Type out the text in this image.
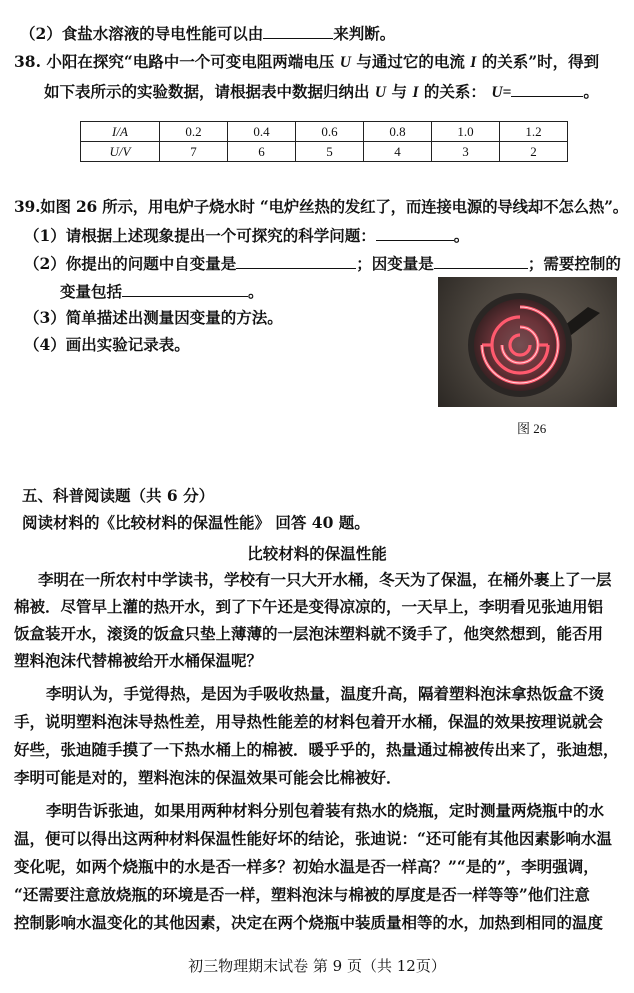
（2）食盐水溶液的导电性能可以由	来判断。
38. 小阳在探究“电路中一个可变电阻两端电压 U 与通过它的电流 I 的关系”时，得到
如下表所示的实验数据，请根据表中数据归纳出 U 与 I 的关系： U=	。
I/A	0.2	0.4	0.6	0.8	1.0	1.2
U/V	7	6	5	4	3	2
39.如图 26 所示，用电炉子烧水时 “电炉丝热的发红了，而连接电源的导线却不怎么热”。
（1）请根据上述现象提出一个可探究的科学问题：	。
（2）你提出的问题中自变量是	；因变量是	；需要控制的
变量包括	。
（3）简单描述出测量因变量的方法。
（4）画出实验记录表。
图 26
五、科普阅读题（共 6 分）
阅读材料的《比较材料的保温性能》 回答 40 题。
比较材料的保温性能
李明在一所农村中学读书，学校有一只大开水桶，冬天为了保温，在桶外裹上了一层
棉被．尽管早上灌的热开水，到了下午还是变得凉凉的，一天早上，李明看见张迪用铝
饭盒装开水，滚烫的饭盒只垫上薄薄的一层泡沫塑料就不烫手了，他突然想到，能否用
塑料泡沫代替棉被给开水桶保温呢？
李明认为，手觉得热，是因为手吸收热量，温度升高，隔着塑料泡沫拿热饭盒不烫
手，说明塑料泡沫导热性差，用导热性能差的材料包着开水桶，保温的效果按理说就会
好些，张迪随手摸了一下热水桶上的棉被．暖乎乎的，热量通过棉被传出来了，张迪想，
李明可能是对的，塑料泡沫的保温效果可能会比棉被好．
李明告诉张迪，如果用两种材料分别包着装有热水的烧瓶，定时测量两烧瓶中的水
温，便可以得出这两种材料保温性能好坏的结论，张迪说：“还可能有其他因素影响水温
变化呢，如两个烧瓶中的水是否一样多？初始水温是否一样高？”“是的”，李明强调，
“还需要注意放烧瓶的环境是否一样，塑料泡沫与棉被的厚度是否一样等等”他们注意
控制影响水温变化的其他因素，决定在两个烧瓶中装质量相等的水，加热到相同的温度
初三物理期末试卷 第 9 页（共 12页）
